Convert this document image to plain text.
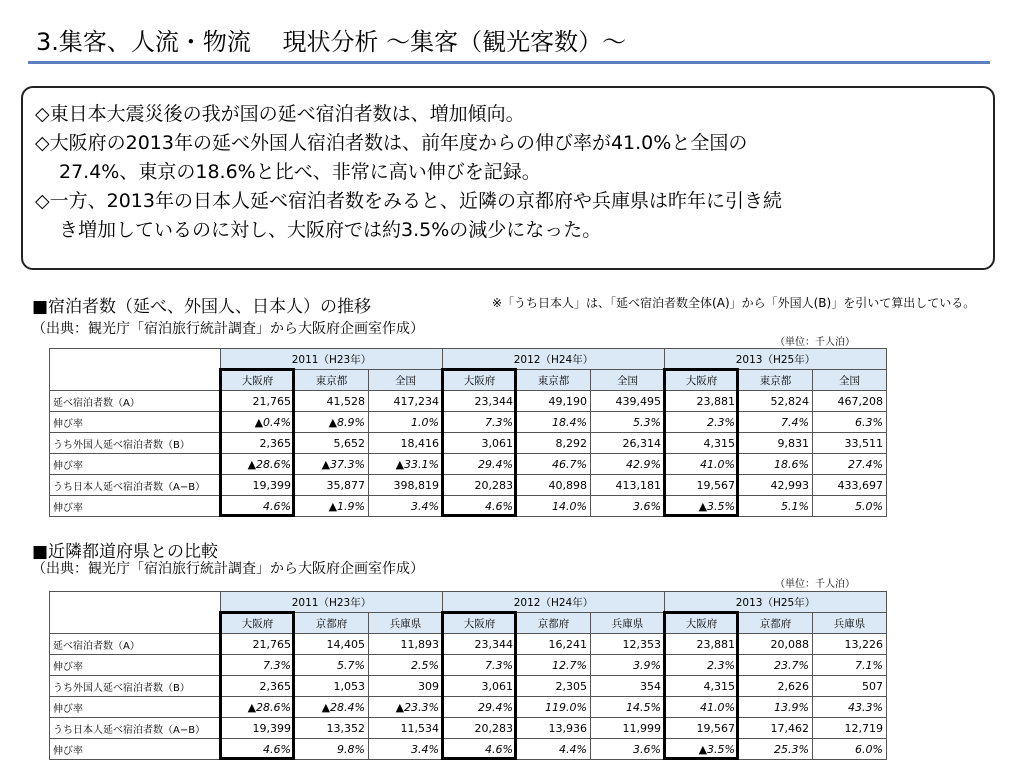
3.集客、人流・物流　 現状分析 ～集客（観光客数）～
◇東日本大震災後の我が国の延べ宿泊者数は、増加傾向。
◇大阪府の2013年の延べ外国人宿泊者数は、前年度からの伸び率が41.0%と全国の
27.4%、東京の18.6%と比べ、非常に高い伸びを記録。
◇一方、2013年の日本人延べ宿泊者数をみると、近隣の京都府や兵庫県は昨年に引き続
き増加しているのに対し、大阪府では約3.5%の減少になった。
■宿泊者数（延べ、外国人、日本人）の推移	※「うち日本人」は、「延べ宿泊者数全体(A)」から「外国人(B)」を引いて算出している。
（出典：観光庁「宿泊旅行統計調査」から大阪府企画室作成）
（単位：千人泊）
	2011（H23年）			2012（H24年）			2013（H25年）		
	大阪府	東京都	全国	大阪府	東京都	全国	大阪府	東京都	全国
延べ宿泊者数（A）	21,765	41,528	417,234	23,344	49,190	439,495	23,881	52,824	467,208
伸び率	▲0.4%	▲8.9%	1.0%	7.3%	18.4%	5.3%	2.3%	7.4%	6.3%
うち外国人延べ宿泊者数（B）	2,365	5,652	18,416	3,061	8,292	26,314	4,315	9,831	33,511
伸び率	▲28.6%	▲37.3%	▲33.1%	29.4%	46.7%	42.9%	41.0%	18.6%	27.4%
うち日本人延べ宿泊者数（A−B）	19,399	35,877	398,819	20,283	40,898	413,181	19,567	42,993	433,697
伸び率	4.6%	▲1.9%	3.4%	4.6%	14.0%	3.6%	▲3.5%	5.1%	5.0%
■近隣都道府県との比較
（出典：観光庁「宿泊旅行統計調査」から大阪府企画室作成）
（単位：千人泊）
	2011（H23年）			2012（H24年）			2013（H25年）		
	大阪府	京都府	兵庫県	大阪府	京都府	兵庫県	大阪府	京都府	兵庫県
延べ宿泊者数（A）	21,765	14,405	11,893	23,344	16,241	12,353	23,881	20,088	13,226
伸び率	7.3%	5.7%	2.5%	7.3%	12.7%	3.9%	2.3%	23.7%	7.1%
うち外国人延べ宿泊者数（B）	2,365	1,053	309	3,061	2,305	354	4,315	2,626	507
伸び率	▲28.6%	▲28.4%	▲23.3%	29.4%	119.0%	14.5%	41.0%	13.9%	43.3%
うち日本人延べ宿泊者数（A−B）	19,399	13,352	11,534	20,283	13,936	11,999	19,567	17,462	12,719
伸び率	4.6%	9.8%	3.4%	4.6%	4.4%	3.6%	▲3.5%	25.3%	6.0%
